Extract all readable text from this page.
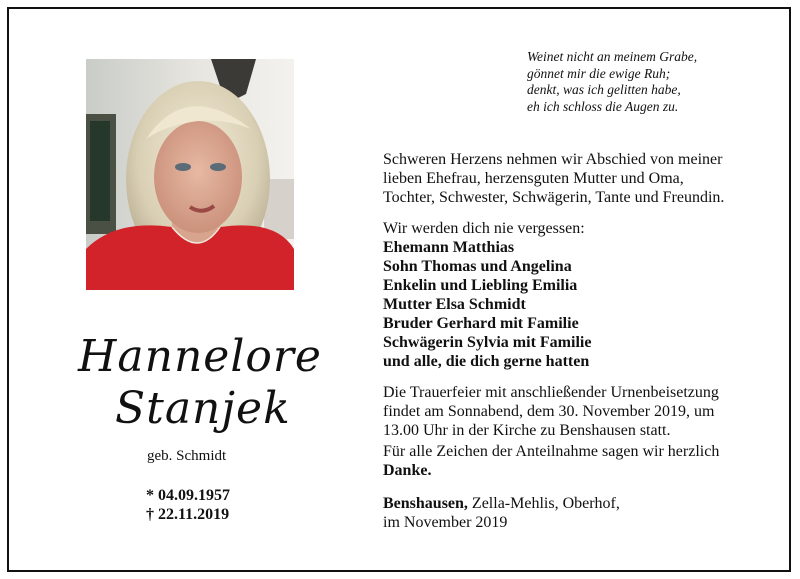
Weinet nicht an meinem Grabe,
gönnet mir die ewige Ruh;
denkt, was ich gelitten habe,
eh ich schloss die Augen zu.
Hannelore
Stanjek
geb. Schmidt
* 04.09.1957
† 22.11.2019
Schweren Herzens nehmen wir Abschied von meiner
lieben Ehefrau, herzensguten Mutter und Oma,
Tochter, Schwester, Schwägerin, Tante und Freundin.
Wir werden dich nie vergessen:
Ehemann Matthias
Sohn Thomas und Angelina
Enkelin und Liebling Emilia
Mutter Elsa Schmidt
Bruder Gerhard mit Familie
Schwägerin Sylvia mit Familie
und alle, die dich gerne hatten
Die Trauerfeier mit anschließender Urnenbeisetzung
findet am Sonnabend, dem 30. November 2019, um
13.00 Uhr in der Kirche zu Benshausen statt.
Für alle Zeichen der Anteilnahme sagen wir herzlich
Danke.
Benshausen, Zella-Mehlis, Oberhof,
im November 2019
